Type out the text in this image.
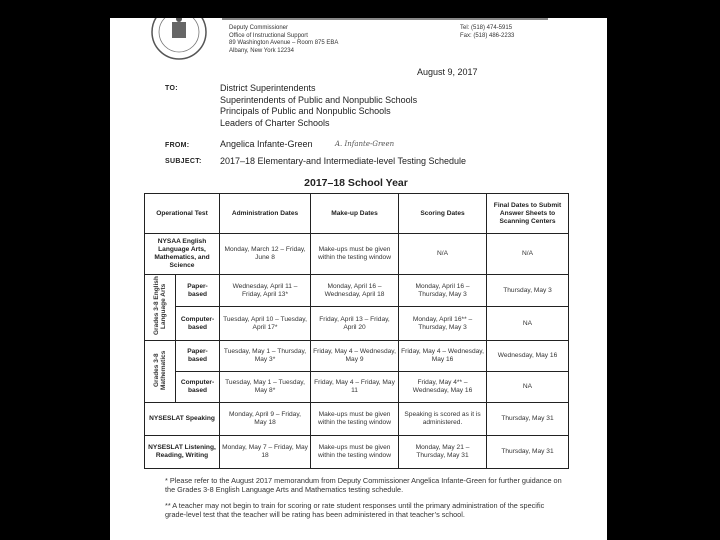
Deputy Commissioner
Office of Instructional Support
89 Washington Avenue – Room 875 EBA
Albany, New York 12234
Tel: (518) 474-5915
Fax: (518) 486-2233
August 9, 2017
TO:	District Superintendents
Superintendents of Public and Nonpublic Schools
Principals of Public and Nonpublic Schools
Leaders of Charter Schools
FROM:	Angelica Infante-Green	A. Infante-Green
SUBJECT: 2017–18 Elementary-and Intermediate-level Testing Schedule
2017–18 School Year
Operational Test		Administration Dates	Make-up Dates	Scoring Dates	Final Dates to Submit Answer Sheets to Scanning Centers
NYSAA English Language Arts, Mathematics, and Science		Monday, March 12 – Friday, June 8	Make-ups must be given within the testing window	N/A	N/A
Grades 3-8 English Language Arts	Paper-based	Wednesday, April 11 – Friday, April 13*	Monday, April 16 – Wednesday, April 18	Monday, April 16 – Thursday, May 3	Thursday, May 3
	Computer-based	Tuesday, April 10 – Tuesday, April 17*	Friday, April 13 – Friday, April 20	Monday, April 16** – Thursday, May 3	NA
Grades 3-8 Mathematics	Paper-based	Tuesday, May 1 – Thursday, May 3*	Friday, May 4 – Wednesday, May 9	Friday, May 4 – Wednesday, May 16	Wednesday, May 16
	Computer-based	Tuesday, May 1 – Tuesday, May 8*	Friday, May 4 – Friday, May 11	Friday, May 4** – Wednesday, May 16	NA
NYSESLAT Speaking		Monday, April 9 – Friday, May 18	Make-ups must be given within the testing window	Speaking is scored as it is administered.	Thursday, May 31
NYSESLAT Listening, Reading, Writing		Monday, May 7 – Friday, May 18	Make-ups must be given within the testing window	Monday, May 21 – Thursday, May 31	Thursday, May 31
* Please refer to the August 2017 memorandum from Deputy Commissioner Angelica Infante-Green for further guidance on the Grades 3-8 English Language Arts and Mathematics testing schedule.
** A teacher may not begin to train for scoring or rate student responses until the primary administration of the specific grade-level test that the teacher will be rating has been administered in that teacher’s school.
